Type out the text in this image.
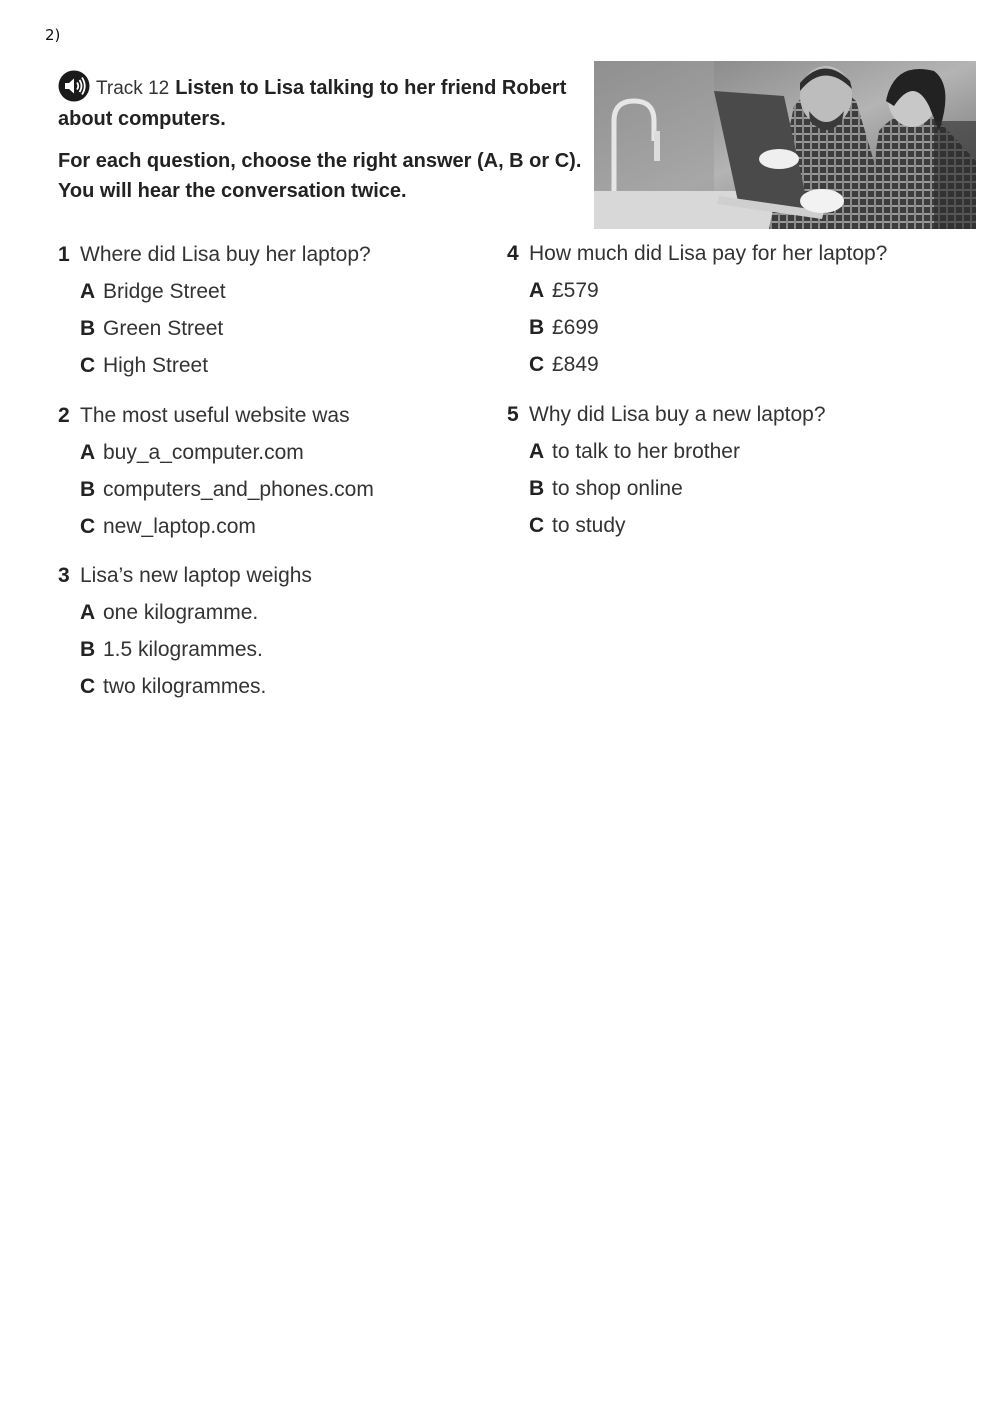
2)
Track 12 Listen to Lisa talking to her friend Robert about computers.
For each question, choose the right answer (A, B or C).
You will hear the conversation twice.
1 Where did Lisa buy her laptop?
A Bridge Street
B Green Street
C High Street
2 The most useful website was
A buy_a_computer.com
B computers_and_phones.com
C new_laptop.com
3 Lisa’s new laptop weighs
A one kilogramme.
B 1.5 kilogrammes.
C two kilogrammes.
4 How much did Lisa pay for her laptop?
A £579
B £699
C £849
5 Why did Lisa buy a new laptop?
A to talk to her brother
B to shop online
C to study
